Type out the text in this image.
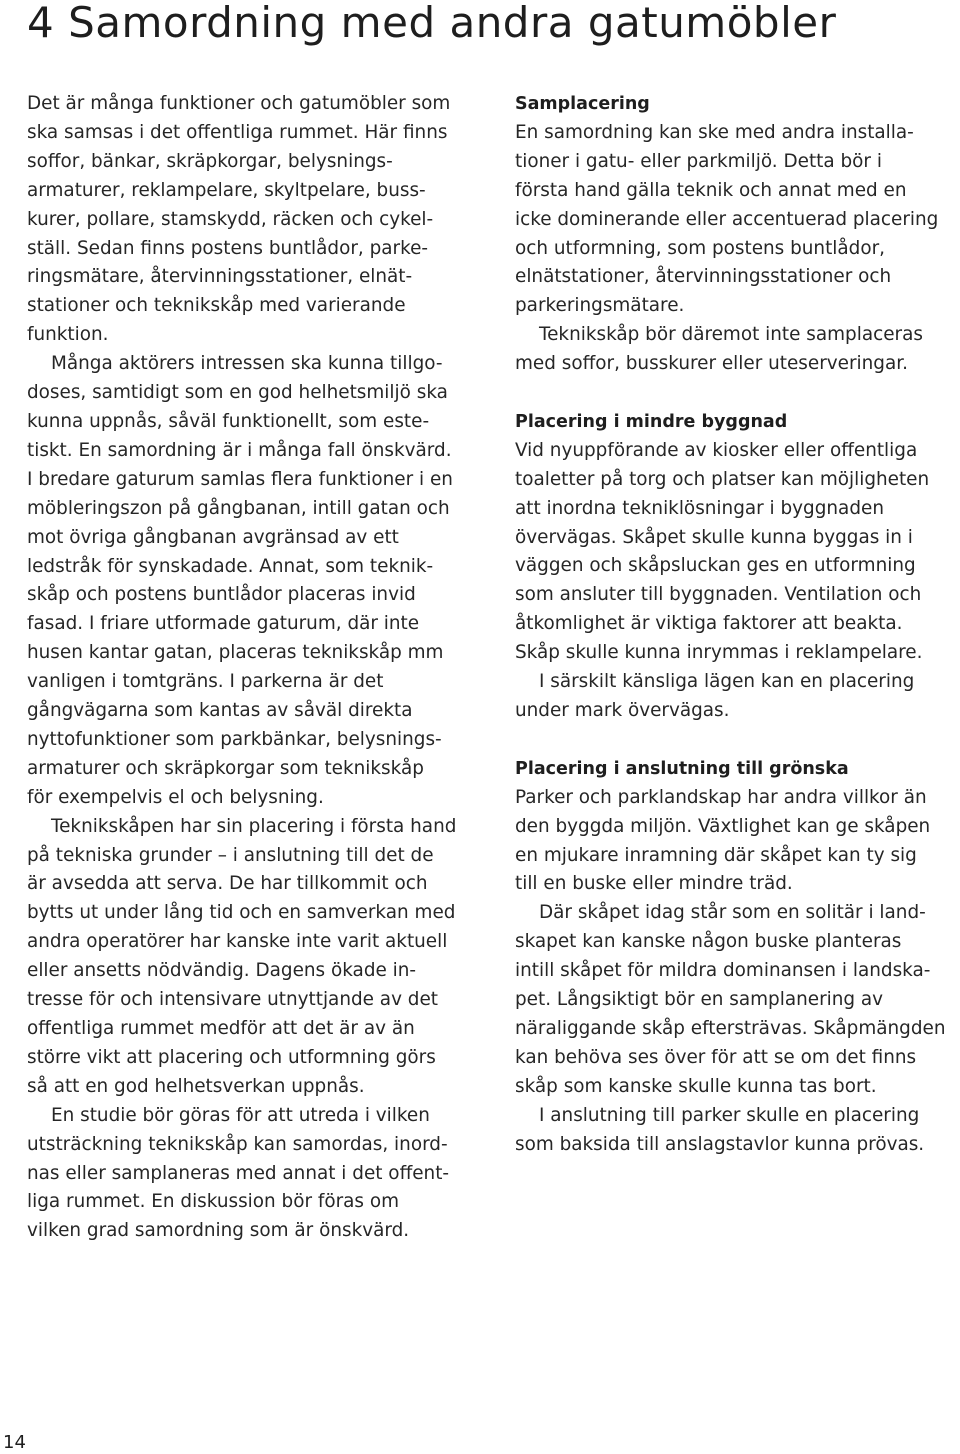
4 Samordning med andra gatumöbler

Det är många funktioner och gatumöbler som
ska samsas i det offentliga rummet. Här finns
soffor, bänkar, skräpkorgar, belysnings-
armaturer, reklampelare, skyltpelare, buss-
kurer, pollare, stamskydd, räcken och cykel-
ställ. Sedan finns postens buntlådor, parke-
ringsmätare, återvinningsstationer, elnät-
stationer och teknikskåp med varierande
funktion.

Många aktörers intressen ska kunna tillgo-
doses, samtidigt som en god helhetsmiljö ska
kunna uppnås, såväl funktionellt, som este-
tiskt. En samordning är i många fall önskvärd.
I bredare gaturum samlas flera funktioner i en
möbleringszon på gångbanan, intill gatan och
mot övriga gångbanan avgränsad av ett
ledstråk för synskadade. Annat, som teknik-
skåp och postens buntlådor placeras invid
fasad. I friare utformade gaturum, där inte
husen kantar gatan, placeras teknikskåp mm
vanligen i tomtgräns. I parkerna är det
gångvägarna som kantas av såväl direkta
nyttofunktioner som parkbänkar, belysnings-
armaturer och skräpkorgar som teknikskåp
för exempelvis el och belysning.

Teknikskåpen har sin placering i första hand
på tekniska grunder – i anslutning till det de
är avsedda att serva. De har tillkommit och
bytts ut under lång tid och en samverkan med
andra operatörer har kanske inte varit aktuell
eller ansetts nödvändig. Dagens ökade in-
tresse för och intensivare utnyttjande av det
offentliga rummet medför att det är av än
större vikt att placering och utformning görs
så att en god helhetsverkan uppnås.

En studie bör göras för att utreda i vilken
utsträckning teknikskåp kan samordas, inord-
nas eller samplaneras med annat i det offent-
liga rummet. En diskussion bör föras om
vilken grad samordning som är önskvärd.

Samplacering

En samordning kan ske med andra installa-
tioner i gatu- eller parkmiljö. Detta bör i
första hand gälla teknik och annat med en
icke dominerande eller accentuerad placering
och utformning, som postens buntlådor,
elnätstationer, återvinningsstationer och
parkeringsmätare.

Teknikskåp bör däremot inte samplaceras
med soffor, busskurer eller uteserveringar.

Placering i mindre byggnad

Vid nyuppförande av kiosker eller offentliga
toaletter på torg och platser kan möjligheten
att inordna tekniklösningar i byggnaden
övervägas. Skåpet skulle kunna byggas in i
väggen och skåpsluckan ges en utformning
som ansluter till byggnaden. Ventilation och
åtkomlighet är viktiga faktorer att beakta.
Skåp skulle kunna inrymmas i reklampelare.

I särskilt känsliga lägen kan en placering
under mark övervägas.

Placering i anslutning till grönska

Parker och parklandskap har andra villkor än
den byggda miljön. Växtlighet kan ge skåpen
en mjukare inramning där skåpet kan ty sig
till en buske eller mindre träd.

Där skåpet idag står som en solitär i land-
skapet kan kanske någon buske planteras
intill skåpet för mildra dominansen i landska-
pet. Långsiktigt bör en samplanering av
näraliggande skåp eftersträvas. Skåpmängden
kan behöva ses över för att se om det finns
skåp som kanske skulle kunna tas bort.

I anslutning till parker skulle en placering
som baksida till anslagstavlor kunna prövas.

14
